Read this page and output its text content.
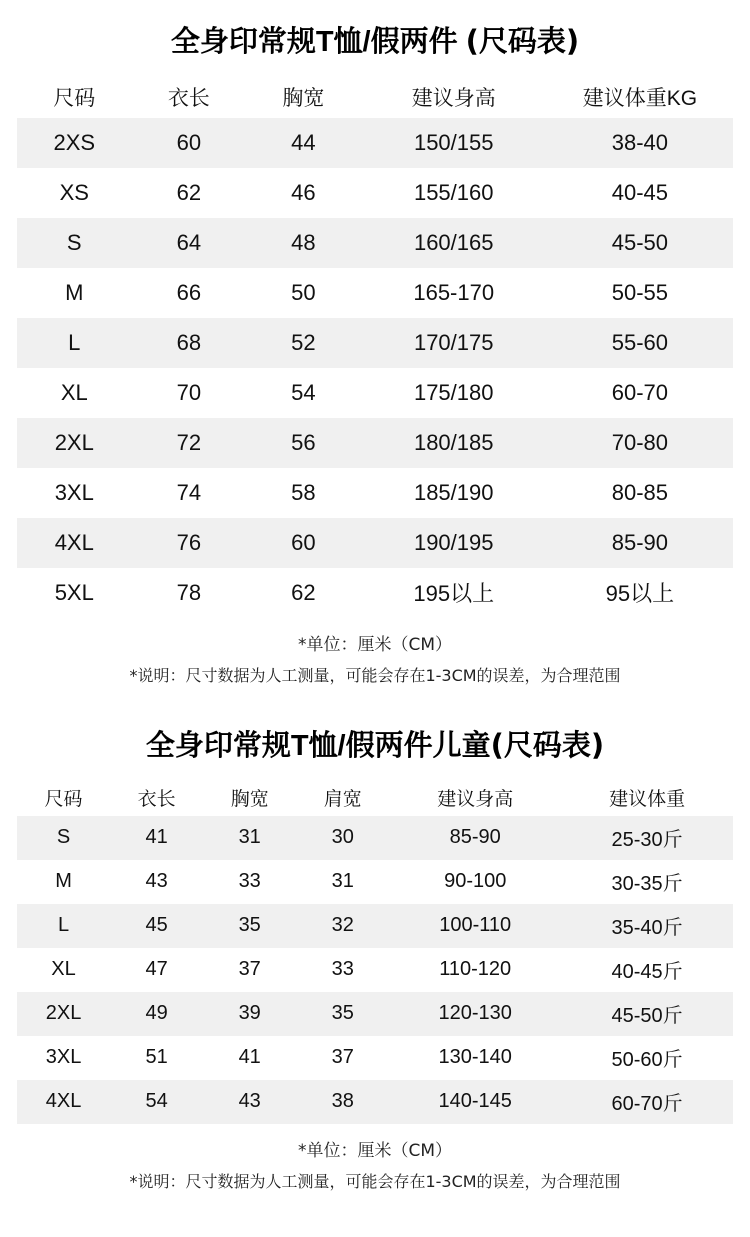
全身印常规T恤/假两件 (尺码表)
尺码	衣长	胸宽	建议身高	建议体重KG
2XS	60	44	150/155	38-40
XS	62	46	155/160	40-45
S	64	48	160/165	45-50
M	66	50	165-170	50-55
L	68	52	170/175	55-60
XL	70	54	175/180	60-70
2XL	72	56	180/185	70-80
3XL	74	58	185/190	80-85
4XL	76	60	190/195	85-90
5XL	78	62	195以上	95以上
*单位：厘米（CM）
*说明：尺寸数据为人工测量，可能会存在1-3CM的误差，为合理范围
全身印常规T恤/假两件儿童(尺码表)
尺码	衣长	胸宽	肩宽	建议身高	建议体重
S	41	31	30	85-90	25-30斤
M	43	33	31	90-100	30-35斤
L	45	35	32	100-110	35-40斤
XL	47	37	33	110-120	40-45斤
2XL	49	39	35	120-130	45-50斤
3XL	51	41	37	130-140	50-60斤
4XL	54	43	38	140-145	60-70斤
*单位：厘米（CM）
*说明：尺寸数据为人工测量，可能会存在1-3CM的误差，为合理范围
